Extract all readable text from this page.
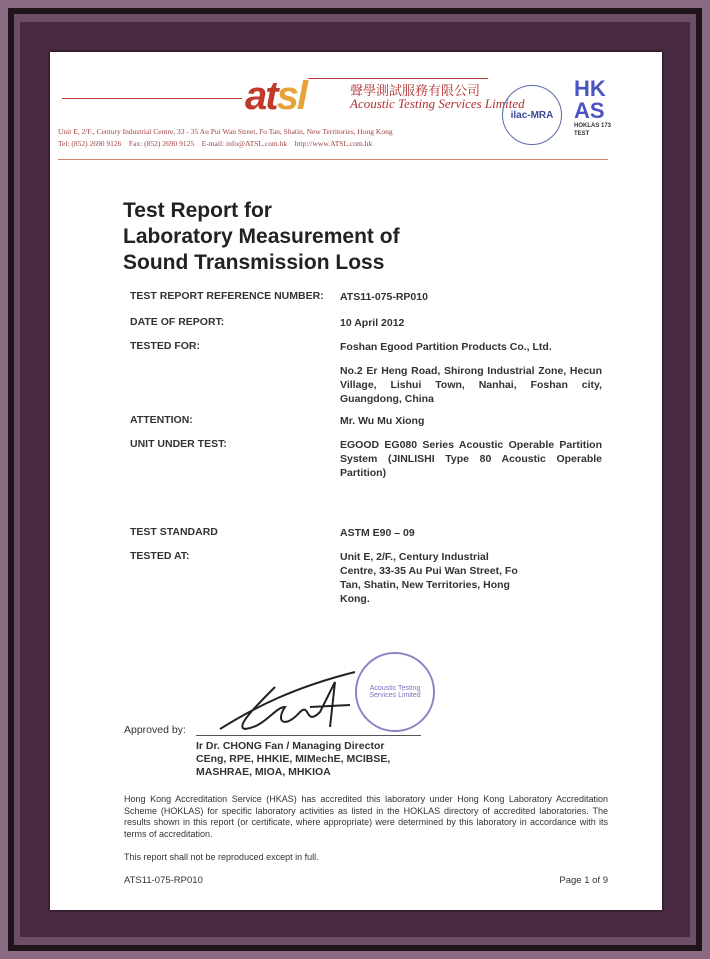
atsl	聲學測試服務有限公司
Acoustic Testing Services Limited
Unit E, 2/F., Century Industrial Centre, 33 - 35 Au Pui Wan Street, Fo Tan, Shatin, New Territories, Hong Kong
Tel: (852) 2690 9126    Fax: (852) 2690 9125    E-mail: info@ATSL.com.hk    http://www.ATSL.com.hk
ilac-MRA
HK
AS
HOKLAS 173
TEST
Test Report for
Laboratory Measurement of
Sound Transmission Loss
TEST REPORT REFERENCE NUMBER: ATS11-075-RP010
DATE OF REPORT:	10 April 2012
TESTED FOR:	Foshan Egood Partition Products Co., Ltd.
No.2 Er Heng Road, Shirong Industrial Zone, Hecun Village, Lishui Town, Nanhai, Foshan city, Guangdong, China
ATTENTION:	Mr. Wu Mu Xiong
UNIT UNDER TEST:	EGOOD EG080 Series Acoustic Operable Partition System (JINLISHI Type 80 Acoustic Operable Partition)
TEST STANDARD	ASTM E90 – 09
TESTED AT:	Unit E, 2/F., Century Industrial Centre, 33-35 Au Pui Wan Street, Fo Tan, Shatin, New Territories, Hong Kong.
Acoustic Testing Services Limited
Approved by:
Ir Dr. CHONG Fan / Managing Director
CEng, RPE, HHKIE, MIMechE, MCIBSE,
MASHRAE, MIOA, MHKIOA
Hong Kong Accreditation Service (HKAS) has accredited this laboratory under Hong Kong Laboratory Accreditation Scheme (HOKLAS) for specific laboratory activities as listed in the HOKLAS directory of accredited laboratories. The results shown in this report (or certificate, where appropriate) were determined by this laboratory in accordance with its terms of accreditation.
This report shall not be reproduced except in full.
ATS11-075-RP010	Page 1 of 9
